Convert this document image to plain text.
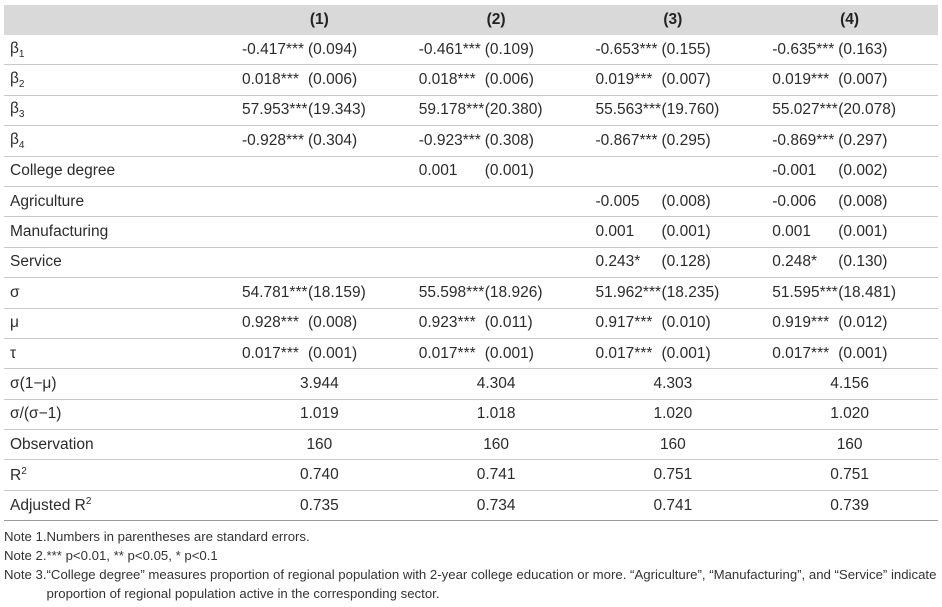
	(1)	(2)	(3)	(4)
$\beta_1$	-0.417*** (0.094)	-0.461*** (0.109)	-0.653*** (0.155)	-0.635*** (0.163)

$\beta_2$	0.018*** (0.006)	0.018*** (0.006)	0.019*** (0.007)	0.019*** (0.007)

$\beta_3$	57.953*** (19.343)	59.178*** (20.380)	55.563*** (19.760)	55.027*** (20.078)

$\beta_4$	-0.928*** (0.304)	-0.923*** (0.308)	-0.867*** (0.295)	-0.869*** (0.297)

College degree		0.001 (0.001)		-0.001 (0.002)

Agriculture			-0.005 (0.008)	-0.006 (0.008)

Manufacturing			0.001 (0.001)	0.001 (0.001)

Service			0.243* (0.128)	0.248* (0.130)

σ	54.781*** (18.159)	55.598*** (18.926)	51.962*** (18.235)	51.595*** (18.481)

μ	0.928*** (0.008)	0.923*** (0.011)	0.917*** (0.010)	0.919*** (0.012)

τ	0.017*** (0.001)	0.017*** (0.001)	0.017*** (0.001)	0.017*** (0.001)

σ(1−μ)	3.944	4.304	4.303	4.156
σ/(σ−1)	1.019	1.018	1.020	1.020
Observation	160	160	160	160
$R^2$	0.740	0.741	0.751	0.751
Adjusted $R^2$	0.735	0.734	0.741	0.739
Note 1. Numbers in parentheses are standard errors.
Note 2. *** p<0.01, ** p<0.05, * p<0.1
Note 3. “College degree” measures proportion of regional population with 2-year college education or more. “Agriculture”, “Manufacturing”, and “Service” indicate proportion of regional population active in the corresponding sector.
